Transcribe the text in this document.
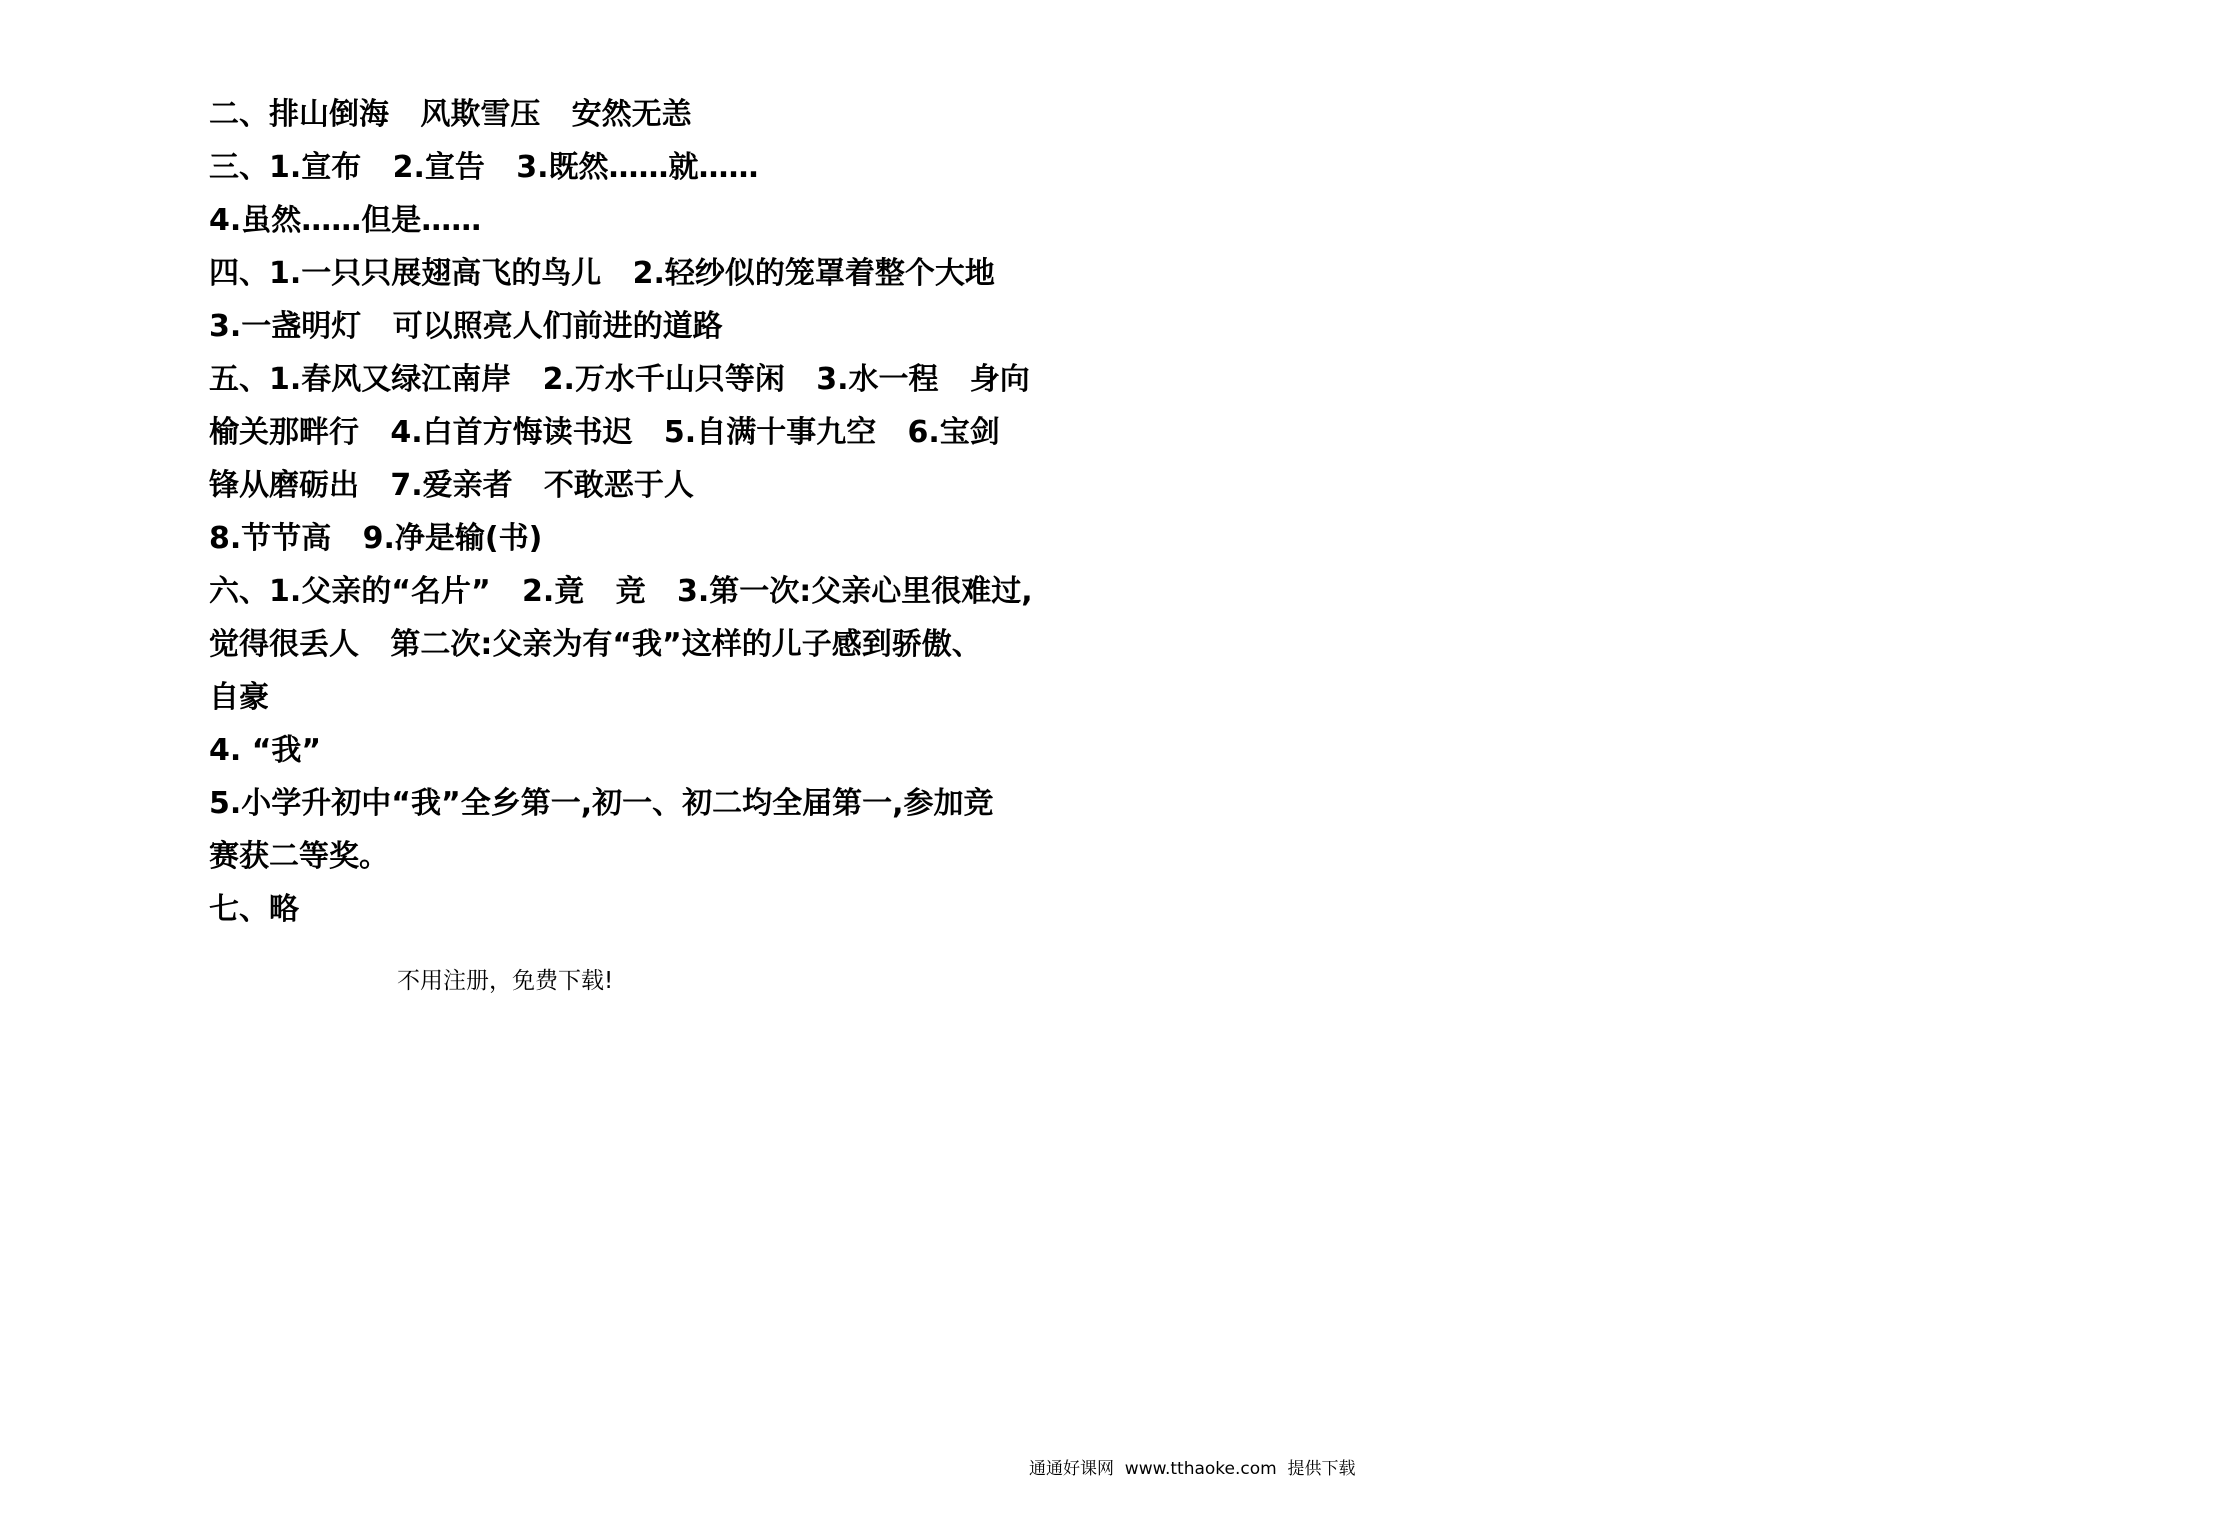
二、排山倒海   风欺雪压   安然无恙
三、1.宣布   2.宣告   3.既然……就……
4.虽然……但是……
四、1.一只只展翅高飞的鸟儿   2.轻纱似的笼罩着整个大地
3.一盏明灯   可以照亮人们前进的道路
五、1.春风又绿江南岸   2.万水千山只等闲   3.水一程   身向
榆关那畔行   4.白首方悔读书迟   5.自满十事九空   6.宝剑
锋从磨砺出   7.爱亲者   不敢恶于人
8.节节高   9.净是输(书)
六、1.父亲的“名片”   2.竟   竞   3.第一次:父亲心里很难过,
觉得很丢人   第二次:父亲为有“我”这样的儿子感到骄傲、
自豪
4. “我”
5.小学升初中“我”全乡第一,初一、初二均全届第一,参加竞
赛获二等奖。
七、略
不用注册，免费下载!
通通好课网  www.tthaoke.com  提供下载
